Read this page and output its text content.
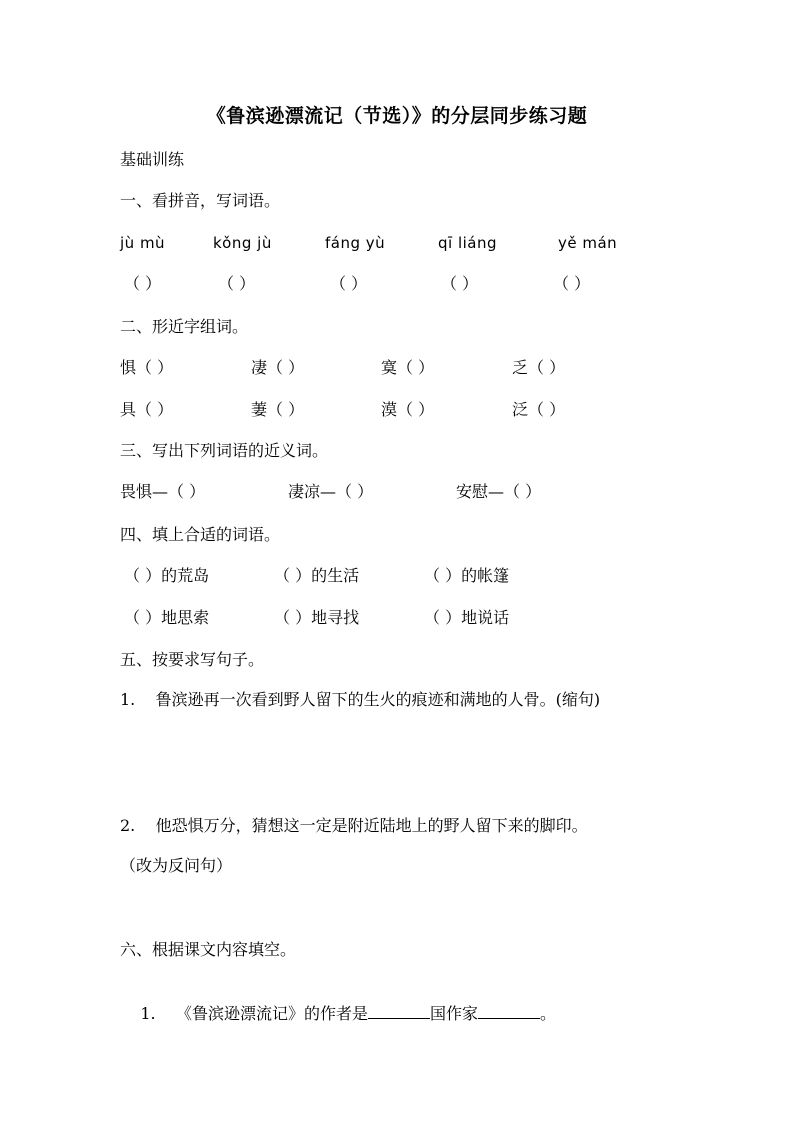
《鲁滨逊漂流记（节选）》的分层同步练习题
基础训练
一、看拼音，写词语。
jù mù	kǒng jù	fáng yù	qī liáng	yě mán
（ ）	（ ）	（ ）	（ ）	（ ）
二、形近字组词。
惧（ ）	凄（ ）	寞（ ）	乏（ ）
具（ ）	萋（ ）	漠（ ）	泛（ ）
三、写出下列词语的近义词。
畏惧—（ ）	凄凉—（ ）	安慰—（ ）
四、填上合适的词语。
（ ）的荒岛	（ ）的生活	（ ）的帐篷
（ ）地思索	（ ）地寻找	（ ）地说话
五、按要求写句子。
1.    鲁滨逊再一次看到野人留下的生火的痕迹和满地的人骨。(缩句)
2.    他恐惧万分，猜想这一定是附近陆地上的野人留下来的脚印。
（改为反问句）
六、根据课文内容填空。

1.    《鲁滨逊漂流记》的作者是	国作家	。
